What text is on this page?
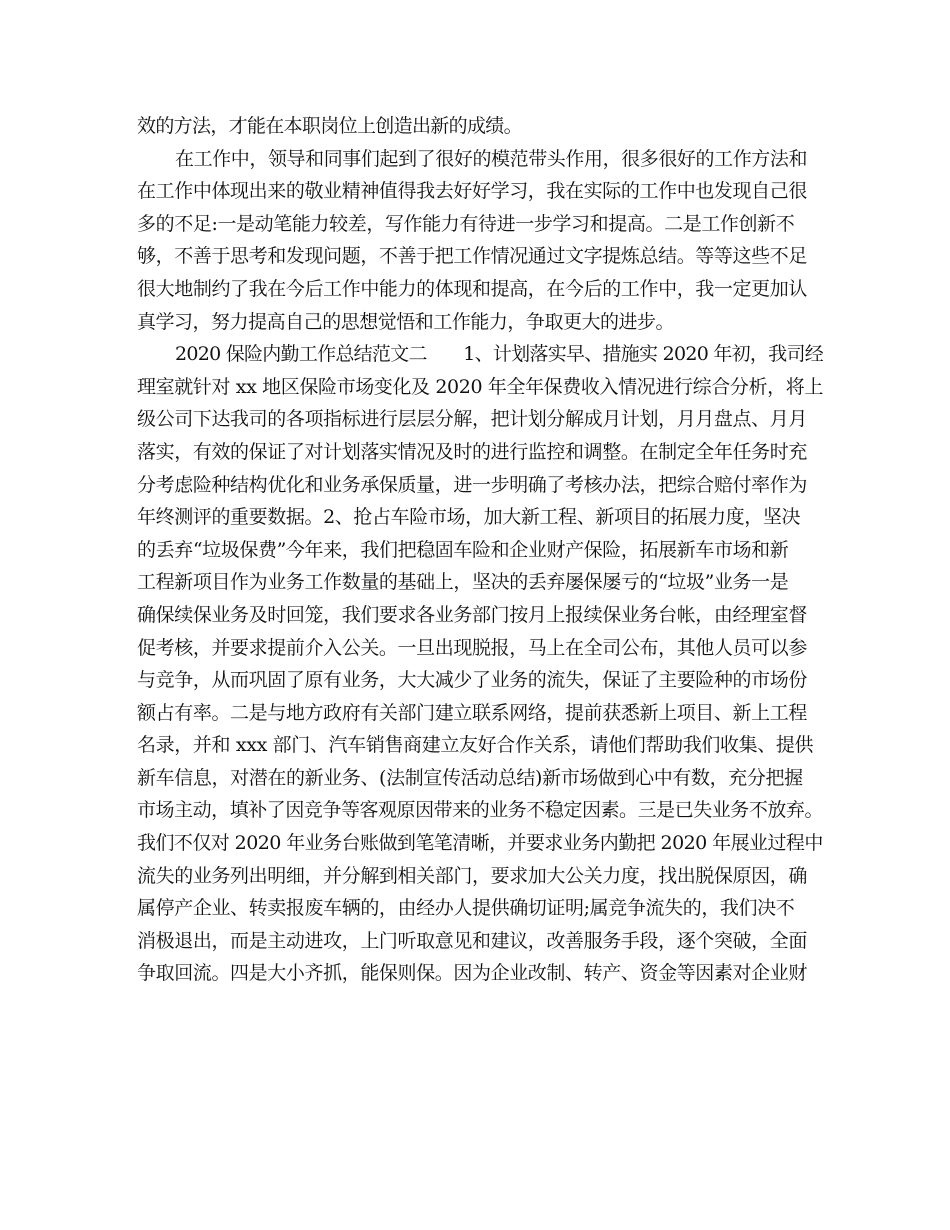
效的方法，才能在本职岗位上创造出新的成绩。
在工作中，领导和同事们起到了很好的模范带头作用，很多很好的工作方法和
在工作中体现出来的敬业精神值得我去好好学习，我在实际的工作中也发现自己很
多的不足:一是动笔能力较差，写作能力有待进一步学习和提高。二是工作创新不
够，不善于思考和发现问题，不善于把工作情况通过文字提炼总结。等等这些不足
很大地制约了我在今后工作中能力的体现和提高，在今后的工作中，我一定更加认
真学习，努力提高自己的思想觉悟和工作能力，争取更大的进步。
2020 保险内勤工作总结范文二　　1、计划落实早、措施实 2020 年初，我司经
理室就针对 xx 地区保险市场变化及 2020 年全年保费收入情况进行综合分析，将上
级公司下达我司的各项指标进行层层分解，把计划分解成月计划，月月盘点、月月
落实，有效的保证了对计划落实情况及时的进行监控和调整。在制定全年任务时充
分考虑险种结构优化和业务承保质量，进一步明确了考核办法，把综合赔付率作为
年终测评的重要数据。2、抢占车险市场，加大新工程、新项目的拓展力度，坚决
的丢弃“垃圾保费”今年来，我们把稳固车险和企业财产保险，拓展新车市场和新
工程新项目作为业务工作数量的基础上，坚决的丢弃屡保屡亏的“垃圾”业务一是
确保续保业务及时回笼，我们要求各业务部门按月上报续保业务台帐，由经理室督
促考核，并要求提前介入公关。一旦出现脱报，马上在全司公布，其他人员可以参
与竞争，从而巩固了原有业务，大大减少了业务的流失，保证了主要险种的市场份
额占有率。二是与地方政府有关部门建立联系网络，提前获悉新上项目、新上工程
名录，并和 xxx 部门、汽车销售商建立友好合作关系，请他们帮助我们收集、提供
新车信息，对潜在的新业务、(法制宣传活动总结)新市场做到心中有数，充分把握
市场主动，填补了因竞争等客观原因带来的业务不稳定因素。三是已失业务不放弃。
我们不仅对 2020 年业务台账做到笔笔清晰，并要求业务内勤把 2020 年展业过程中
流失的业务列出明细，并分解到相关部门，要求加大公关力度，找出脱保原因，确
属停产企业、转卖报废车辆的，由经办人提供确切证明;属竞争流失的，我们决不
消极退出，而是主动进攻，上门听取意见和建议，改善服务手段，逐个突破，全面
争取回流。四是大小齐抓，能保则保。因为企业改制、转产、资金等因素对企业财
